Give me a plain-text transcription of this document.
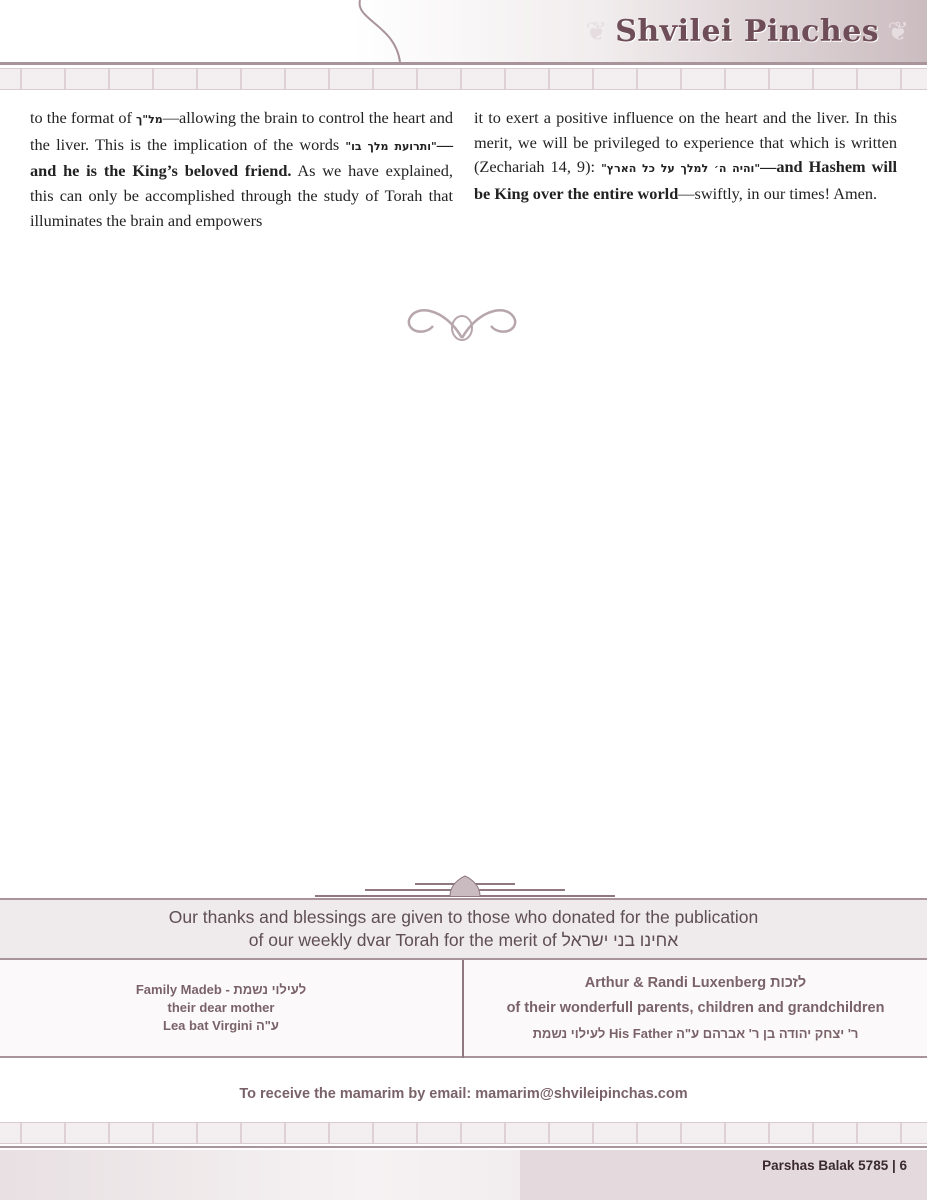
❦ Shvilei Pinches ❦
to the format of מל"ך—allowing the brain to control the heart and the liver. This is the implication of the words "ותרועת מלך בו"—and he is the King’s beloved friend. As we have explained, this can only be accomplished through the study of Torah that illuminates the brain and empowers
it to exert a positive influence on the heart and the liver. In this merit, we will be privileged to experience that which is written (Zechariah 14, 9): "והיה ה׳ למלך על כל הארץ"—and Hashem will be King over the entire world—swiftly, in our times! Amen.
Our thanks and blessings are given to those who donated for the publication
of our weekly dvar Torah for the merit of אחינו בני ישראל
Family Madeb - לעילוי נשמת
their dear mother
Lea bat Virgini ע"ה
Arthur & Randi Luxenberg לזכות
of their wonderfull parents, children and grandchildren
לעילוי נשמת His Father ר' יצחק יהודה בן ר' אברהם ע"ה
To receive the mamarim by email: mamarim@shvileipinchas.com
Parshas Balak 5785 | 6
